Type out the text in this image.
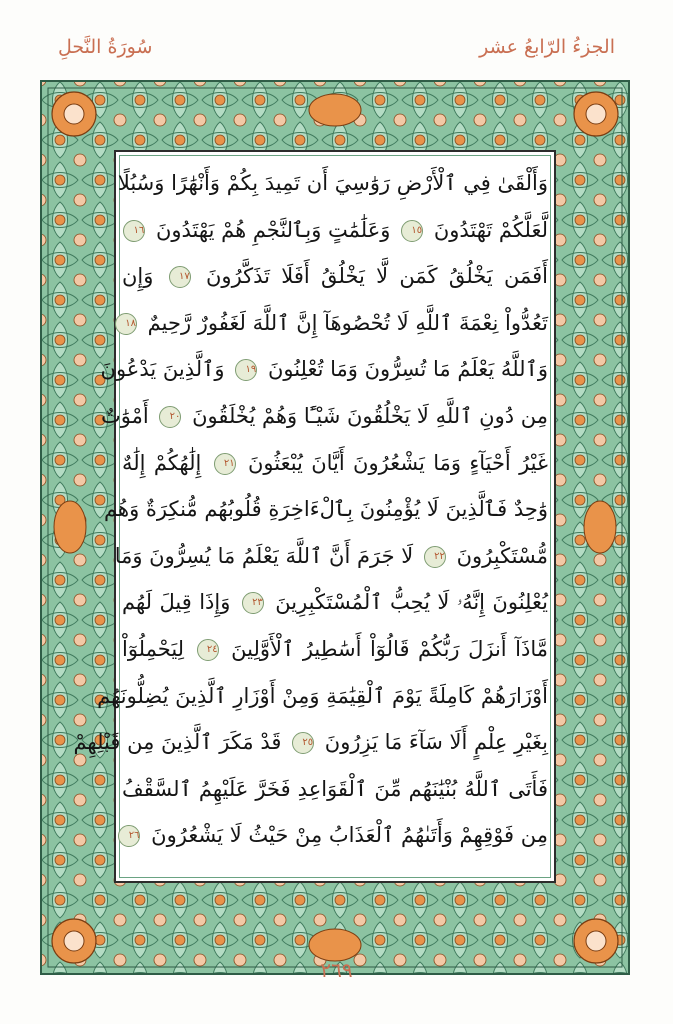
الجزءُ الرّابعُ عشر
سُورَةُ النَّحلِ
وَأَلْقَىٰ فِي ٱلْأَرْضِ رَوَٰسِيَ أَن تَمِيدَ بِكُمْ وَأَنْهَٰرًا وَسُبُلًا
لَّعَلَّكُمْ تَهْتَدُونَ ١٥ وَعَلَٰمَٰتٍ وَبِٱلنَّجْمِ هُمْ يَهْتَدُونَ ١٦
أَفَمَن يَخْلُقُ كَمَن لَّا يَخْلُقُ أَفَلَا تَذَكَّرُونَ ١٧ وَإِن
تَعُدُّواْ نِعْمَةَ ٱللَّهِ لَا تُحْصُوهَآ إِنَّ ٱللَّهَ لَغَفُورٌ رَّحِيمٌ ١٨
وَٱللَّهُ يَعْلَمُ مَا تُسِرُّونَ وَمَا تُعْلِنُونَ ١٩ وَٱلَّذِينَ يَدْعُونَ
مِن دُونِ ٱللَّهِ لَا يَخْلُقُونَ شَيْـًٔا وَهُمْ يُخْلَقُونَ ٢٠ أَمْوَٰتٌ
غَيْرُ أَحْيَآءٍ وَمَا يَشْعُرُونَ أَيَّانَ يُبْعَثُونَ ٢١ إِلَٰهُكُمْ إِلَٰهٌ
وَٰحِدٌ فَٱلَّذِينَ لَا يُؤْمِنُونَ بِٱلْءَاخِرَةِ قُلُوبُهُم مُّنكِرَةٌ وَهُم
مُّسْتَكْبِرُونَ ٢٢ لَا جَرَمَ أَنَّ ٱللَّهَ يَعْلَمُ مَا يُسِرُّونَ وَمَا
يُعْلِنُونَ إِنَّهُۥ لَا يُحِبُّ ٱلْمُسْتَكْبِرِينَ ٢٣ وَإِذَا قِيلَ لَهُم
مَّاذَآ أَنزَلَ رَبُّكُمْ قَالُوٓاْ أَسَٰطِيرُ ٱلْأَوَّلِينَ ٢٤ لِيَحْمِلُوٓاْ
أَوْزَارَهُمْ كَامِلَةً يَوْمَ ٱلْقِيَٰمَةِ وَمِنْ أَوْزَارِ ٱلَّذِينَ يُضِلُّونَهُم
بِغَيْرِ عِلْمٍ أَلَا سَآءَ مَا يَزِرُونَ ٢٥ قَدْ مَكَرَ ٱلَّذِينَ مِن قَبْلِهِمْ
فَأَتَى ٱللَّهُ بُنْيَٰنَهُم مِّنَ ٱلْقَوَاعِدِ فَخَرَّ عَلَيْهِمُ ٱلسَّقْفُ
مِن فَوْقِهِمْ وَأَتَىٰهُمُ ٱلْعَذَابُ مِنْ حَيْثُ لَا يَشْعُرُونَ ٢٦
٢٦٩
